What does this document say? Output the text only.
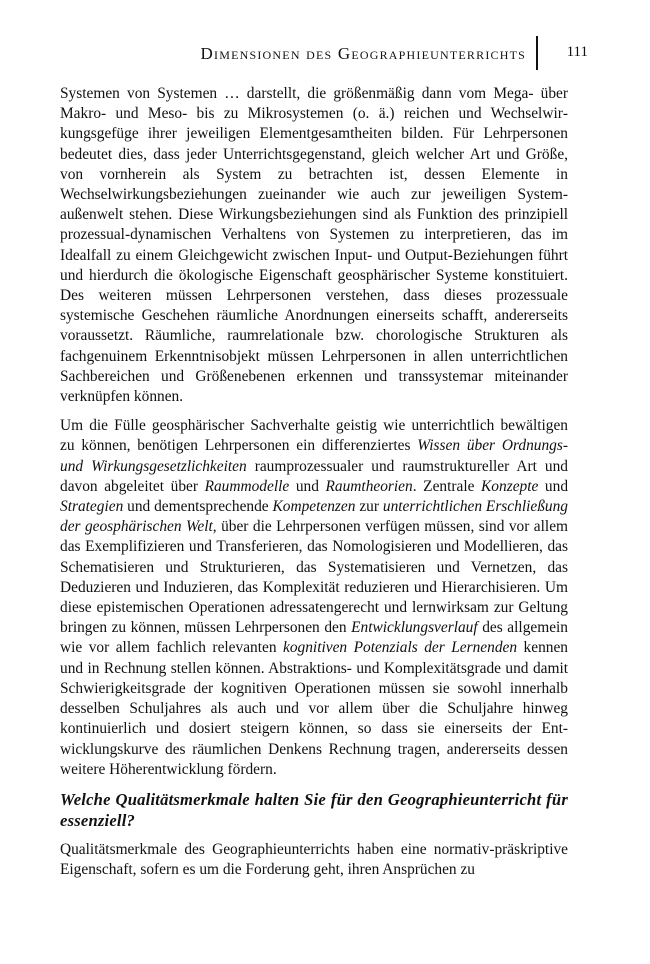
Dimensionen des Geographieunterrichts	111

Systemen von Systemen … darstellt, die größenmäßig dann vom Mega- über Makro- und Meso- bis zu Mikrosystemen (o. ä.) reichen und Wechselwirkungsgefüge ihrer jeweiligen Elementgesamtheiten bilden. Für Lehrpersonen bedeutet dies, dass jeder Unterrichtsgegenstand, gleich welcher Art und Größe, von vornherein als System zu betrachten ist, dessen Elemente in Wechselwirkungsbeziehungen zueinander wie auch zur jeweiligen Systemaußenwelt stehen. Diese Wirkungsbeziehungen sind als Funktion des prinzipiell prozessual-dynamischen Verhaltens von Systemen zu interpretieren, das im Idealfall zu einem Gleichgewicht zwischen Input- und Output-Beziehungen führt und hierdurch die ökologische Eigenschaft geosphärischer Systeme konstituiert. Des weiteren müssen Lehrpersonen verstehen, dass dieses prozessuale systemische Geschehen räumliche Anordnungen einerseits schafft, andererseits voraussetzt. Räumliche, raumrelationale bzw. chorologische Strukturen als fachgenuinem Erkenntnisobjekt müssen Lehrpersonen in allen unterrichtlichen Sachbereichen und Größenebenen erkennen und transsystemar miteinander verknüpfen können.

Um die Fülle geosphärischer Sachverhalte geistig wie unterrichtlich bewältigen zu können, benötigen Lehrpersonen ein differenziertes Wissen über Ordnungs- und Wirkungsgesetzlichkeiten raumprozessualer und raumstruktureller Art und davon abgeleitet über Raummodelle und Raumtheorien. Zentrale Konzepte und Strategien und dementsprechende Kompetenzen zur unterrichtlichen Erschließung der geosphärischen Welt, über die Lehrpersonen verfügen müssen, sind vor allem das Exemplifizieren und Transferieren, das Nomologisieren und Modellieren, das Schematisieren und Strukturieren, das Systematisieren und Vernetzen, das Deduzieren und Induzieren, das Komplexität reduzieren und Hierarchisieren. Um diese epistemischen Operationen adressatengerecht und lernwirksam zur Geltung bringen zu können, müssen Lehrpersonen den Entwicklungsverlauf des allgemein wie vor allem fachlich relevanten kognitiven Potenzials der Lernenden kennen und in Rechnung stellen können. Abstraktions- und Komplexitätsgrade und damit Schwierigkeitsgrade der kognitiven Operationen müssen sie sowohl innerhalb desselben Schuljahres als auch und vor allem über die Schuljahre hinweg kontinuierlich und dosiert steigern können, so dass sie einerseits der Entwicklungskurve des räumlichen Denkens Rechnung tragen, andererseits dessen weitere Höherentwicklung fördern.

Welche Qualitätsmerkmale halten Sie für den Geographieunterricht für essenziell?

Qualitätsmerkmale des Geographieunterrichts haben eine normativ-präskriptive Eigenschaft, sofern es um die Forderung geht, ihren Ansprüchen zu
